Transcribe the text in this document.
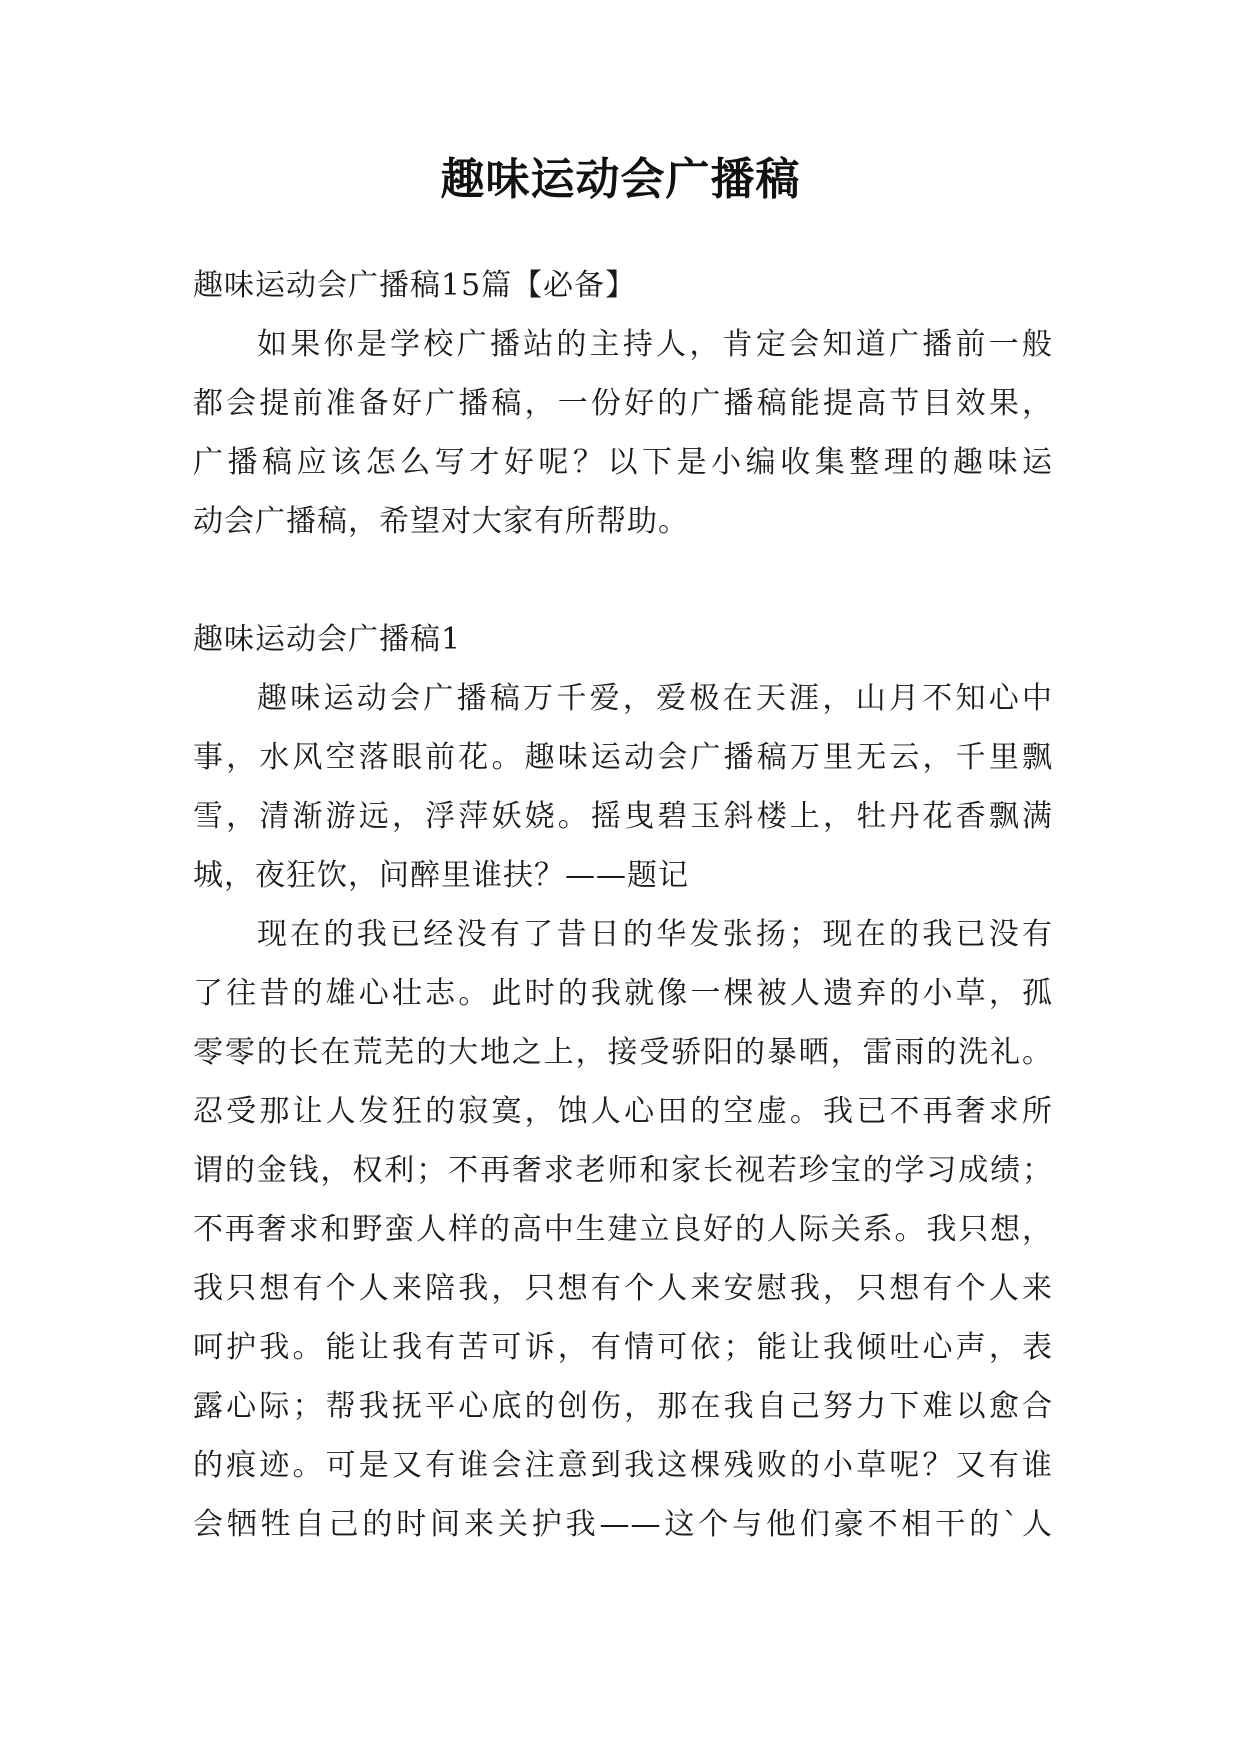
趣味运动会广播稿
趣味运动会广播稿15篇【必备】
如果你是学校广播站的主持人，肯定会知道广播前一般
都会提前准备好广播稿，一份好的广播稿能提高节目效果，
广播稿应该怎么写才好呢？以下是小编收集整理的趣味运
动会广播稿，希望对大家有所帮助。
趣味运动会广播稿1
趣味运动会广播稿万千爱，爱极在天涯，山月不知心中
事，水风空落眼前花。趣味运动会广播稿万里无云，千里飘
雪，清渐游远，浮萍妖娆。摇曳碧玉斜楼上，牡丹花香飘满
城，夜狂饮，问醉里谁扶？——题记
现在的我已经没有了昔日的华发张扬；现在的我已没有
了往昔的雄心壮志。此时的我就像一棵被人遗弃的小草，孤
零零的长在荒芜的大地之上，接受骄阳的暴晒，雷雨的洗礼。
忍受那让人发狂的寂寞，蚀人心田的空虚。我已不再奢求所
谓的金钱，权利；不再奢求老师和家长视若珍宝的学习成绩；
不再奢求和野蛮人样的高中生建立良好的人际关系。我只想，
我只想有个人来陪我，只想有个人来安慰我，只想有个人来
呵护我。能让我有苦可诉，有情可依；能让我倾吐心声，表
露心际；帮我抚平心底的创伤，那在我自己努力下难以愈合
的痕迹。可是又有谁会注意到我这棵残败的小草呢？又有谁
会牺牲自己的时间来关护我——这个与他们豪不相干的`人
